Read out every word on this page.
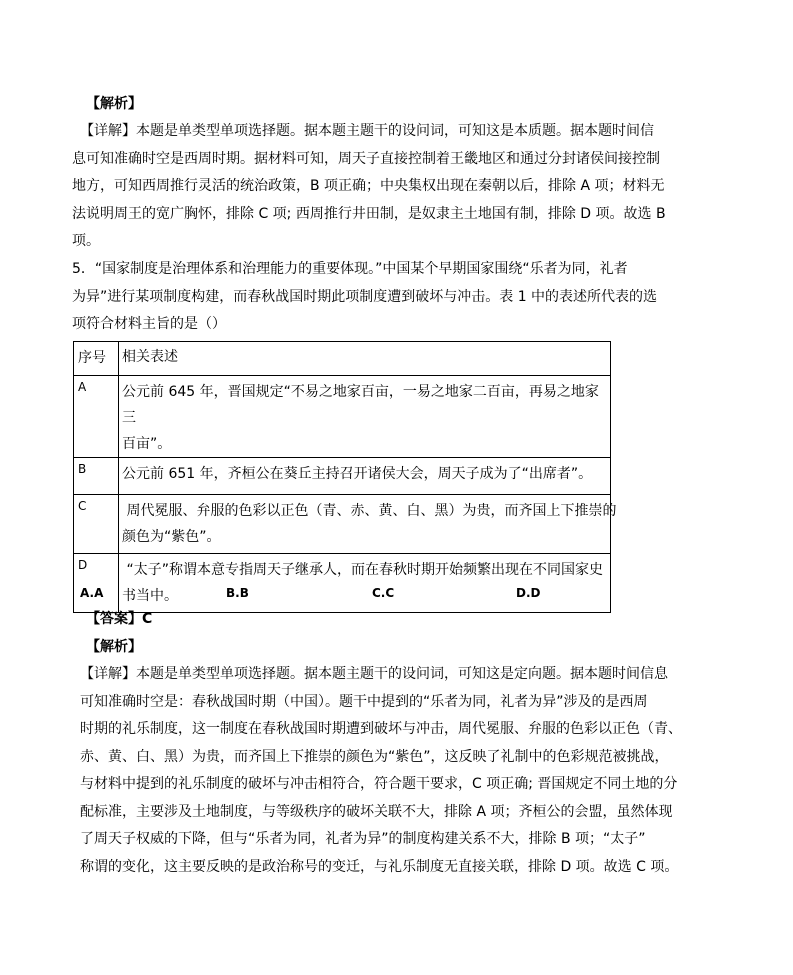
【解析】
【详解】本题是单类型单项选择题。据本题主题干的设问词，可知这是本质题。据本题时间信
息可知准确时空是西周时期。据材料可知，周天子直接控制着王畿地区和通过分封诸侯间接控制
地方，可知西周推行灵活的统治政策，B 项正确；中央集权出现在秦朝以后，排除 A 项；材料无
法说明周王的宽广胸怀，排除 C 项; 西周推行井田制，是奴隶主土地国有制，排除 D 项。故选 B
项。
5．“国家制度是治理体系和治理能力的重要体现。”中国某个早期国家围绕“乐者为同，礼者
为异”进行某项制度构建，而春秋战国时期此项制度遭到破坏与冲击。表 1 中的表述所代表的选
项符合材料主旨的是（）
序号	相关表述
A	公元前 645 年，晋国规定“不易之地家百亩，一易之地家二百亩，再易之地家三
百亩”。

B	公元前 651 年，齐桓公在葵丘主持召开诸侯大会，周天子成为了“出席者”。

C	周代冕服、弁服的色彩以正色（青、赤、黄、白、黑）为贵，而齐国上下推崇的
颜色为“紫色”。

D	“太子”称谓本意专指周天子继承人，而在春秋时期开始频繁出现在不同国家史
书当中。
A.A	B.B	C.C	D.D
【答案】C
【解析】
【详解】本题是单类型单项选择题。据本题主题干的设问词，可知这是定向题。据本题时间信息
可知准确时空是：春秋战国时期（中国）。题干中提到的“乐者为同，礼者为异”涉及的是西周
时期的礼乐制度，这一制度在春秋战国时期遭到破坏与冲击，周代冕服、弁服的色彩以正色（青、
赤、黄、白、黑）为贵，而齐国上下推崇的颜色为“紫色”，这反映了礼制中的色彩规范被挑战，
与材料中提到的礼乐制度的破坏与冲击相符合，符合题干要求，C 项正确; 晋国规定不同土地的分
配标准，主要涉及土地制度，与等级秩序的破坏关联不大，排除 A 项；齐桓公的会盟，虽然体现
了周天子权威的下降，但与“乐者为同，礼者为异”的制度构建关系不大，排除 B 项；“太子”
称谓的变化，这主要反映的是政治称号的变迁，与礼乐制度无直接关联，排除 D 项。故选 C 项。
